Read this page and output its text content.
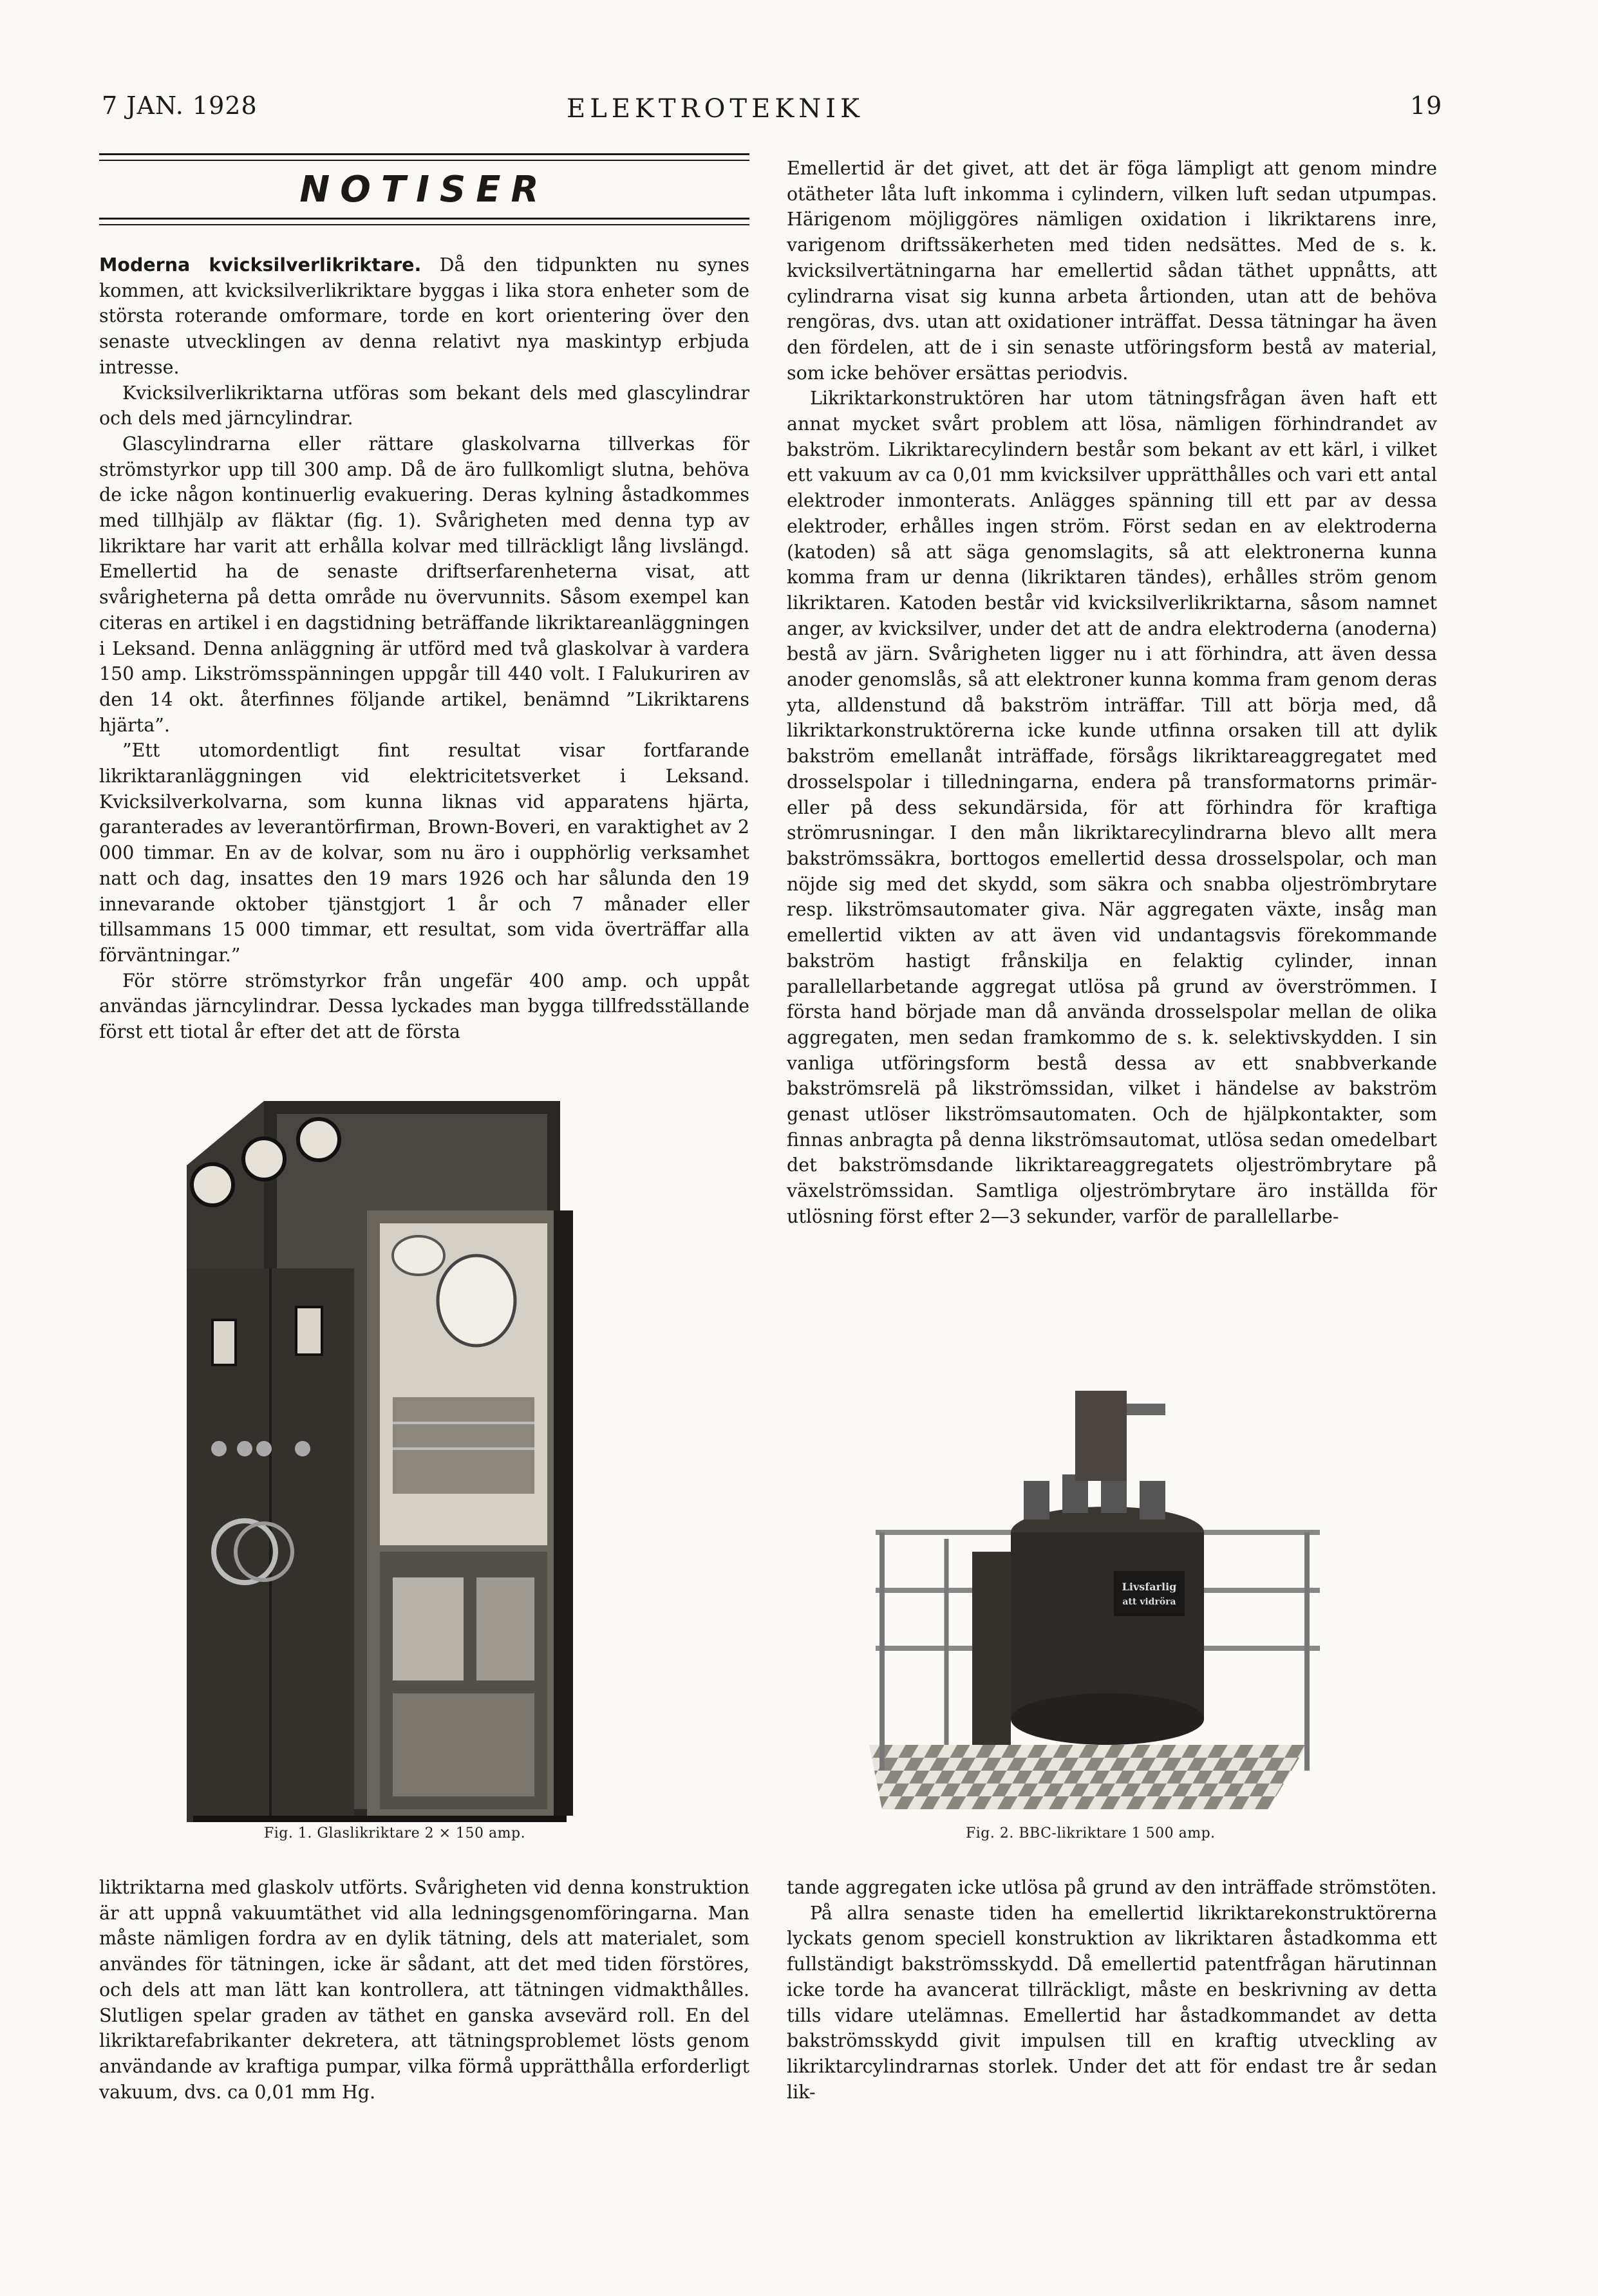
7 JAN. 1928	ELEKTROTEKNIK	19
NOTISER

Moderna kvicksilverlikriktare. Då den tidpunkten nu synes kommen, att kvicksilverlikriktare byggas i lika stora enheter som de största roterande omformare, torde en kort orientering över den senaste utvecklingen av denna relativt nya maskintyp erbjuda intresse.

Kvicksilverlikriktarna utföras som bekant dels med glascylindrar och dels med järncylindrar.

Glascylindrarna eller rättare glaskolvarna tillverkas för strömstyrkor upp till 300 amp. Då de äro fullkomligt slutna, behöva de icke någon kontinuerlig evakuering. Deras kylning åstadkommes med tillhjälp av fläktar (fig. 1). Svårigheten med denna typ av likriktare har varit att erhålla kolvar med tillräckligt lång livslängd. Emellertid ha de senaste driftserfarenheterna visat, att svårigheterna på detta område nu övervunnits. Såsom exempel kan citeras en artikel i en dagstidning beträffande likriktareanläggningen i Leksand. Denna anläggning är utförd med två glaskolvar à vardera 150 amp. Likströmsspänningen uppgår till 440 volt. I Falukuriren av den 14 okt. återfinnes följande artikel, benämnd ”Likriktarens hjärta”.

”Ett utomordentligt fint resultat visar fortfarande likriktaranläggningen vid elektricitetsverket i Leksand. Kvicksilverkolvarna, som kunna liknas vid apparatens hjärta, garanterades av leverantörfirman, Brown-Boveri, en varaktighet av 2 000 timmar. En av de kolvar, som nu äro i oupphörlig verksamhet natt och dag, insattes den 19 mars 1926 och har sålunda den 19 innevarande oktober tjänstgjort 1 år och 7 månader eller tillsammans 15 000 timmar, ett resultat, som vida överträffar alla förväntningar.”

För större strömstyrkor från ungefär 400 amp. och uppåt användas järncylindrar. Dessa lyckades man bygga tillfredsställande först ett tiotal år efter det att de första

Emellertid är det givet, att det är föga lämpligt att genom mindre otätheter låta luft inkomma i cylindern, vilken luft sedan utpumpas. Härigenom möjliggöres nämligen oxidation i likriktarens inre, varigenom driftssäkerheten med tiden nedsättes. Med de s. k. kvicksilvertätningarna har emellertid sådan täthet uppnåtts, att cylindrarna visat sig kunna arbeta årtionden, utan att de behöva rengöras, dvs. utan att oxidationer inträffat. Dessa tätningar ha även den fördelen, att de i sin senaste utföringsform bestå av material, som icke behöver ersättas periodvis.

Likriktarkonstruktören har utom tätningsfrågan även haft ett annat mycket svårt problem att lösa, nämligen förhindrandet av bakström. Likriktarecylindern består som bekant av ett kärl, i vilket ett vakuum av ca 0,01 mm kvicksilver upprätthålles och vari ett antal elektroder inmonterats. Anlägges spänning till ett par av dessa elektroder, erhålles ingen ström. Först sedan en av elektroderna (katoden) så att säga genomslagits, så att elektronerna kunna komma fram ur denna (likriktaren tändes), erhålles ström genom likriktaren. Katoden består vid kvicksilverlikriktarna, såsom namnet anger, av kvicksilver, under det att de andra elektroderna (anoderna) bestå av järn. Svårigheten ligger nu i att förhindra, att även dessa anoder genomslås, så att elektroner kunna komma fram genom deras yta, alldenstund då bakström inträffar. Till att börja med, då likriktarkonstruktörerna icke kunde utfinna orsaken till att dylik bakström emellanåt inträffade, försågs likriktareaggregatet med drosselspolar i tilledningarna, endera på transformatorns primär- eller på dess sekundärsida, för att förhindra för kraftiga strömrusningar. I den mån likriktarecylindrarna blevo allt mera bakströmssäkra, borttogos emellertid dessa drosselspolar, och man nöjde sig med det skydd, som säkra och snabba oljeströmbrytare resp. likströmsautomater giva. När aggregaten växte, insåg man emellertid vikten av att även vid undantagsvis förekommande bakström hastigt frånskilja en felaktig cylinder, innan parallellarbetande aggregat utlösa på grund av överströmmen. I första hand började man då använda drosselspolar mellan de olika aggregaten, men sedan framkommo de s. k. selektivskydden. I sin vanliga utföringsform bestå dessa av ett snabbverkande bakströmsrelä på likströmssidan, vilket i händelse av bakström genast utlöser likströmsautomaten. Och de hjälpkontakter, som finnas anbragta på denna likströmsautomat, utlösa sedan omedelbart det bakströmsdande likriktareaggregatets oljeströmbrytare på växelströmssidan. Samtliga oljeströmbrytare äro inställda för utlösning först efter 2—3 sekunder, varför de parallellarbe-

Fig. 1. Glaslikriktare 2 × 150 amp.
Livsfarlig
att vidröra
Fig. 2. BBC-likriktare 1 500 amp.

liktriktarna med glaskolv utförts. Svårigheten vid denna konstruktion är att uppnå vakuumtäthet vid alla ledningsgenomföringarna. Man måste nämligen fordra av en dylik tätning, dels att materialet, som användes för tätningen, icke är sådant, att det med tiden förstöres, och dels att man lätt kan kontrollera, att tätningen vidmakthålles. Slutligen spelar graden av täthet en ganska avsevärd roll. En del likriktarefabrikanter dekretera, att tätningsproblemet lösts genom användande av kraftiga pumpar, vilka förmå upprätthålla erforderligt vakuum, dvs. ca 0,01 mm Hg.

tande aggregaten icke utlösa på grund av den inträffade strömstöten.

På allra senaste tiden ha emellertid likriktarekonstruktörerna lyckats genom speciell konstruktion av likriktaren åstadkomma ett fullständigt bakströmsskydd. Då emellertid patentfrågan härutinnan icke torde ha avancerat tillräckligt, måste en beskrivning av detta tills vidare utelämnas. Emellertid har åstadkommandet av detta bakströmsskydd givit impulsen till en kraftig utveckling av likriktarcylindrarnas storlek. Under det att för endast tre år sedan lik-
